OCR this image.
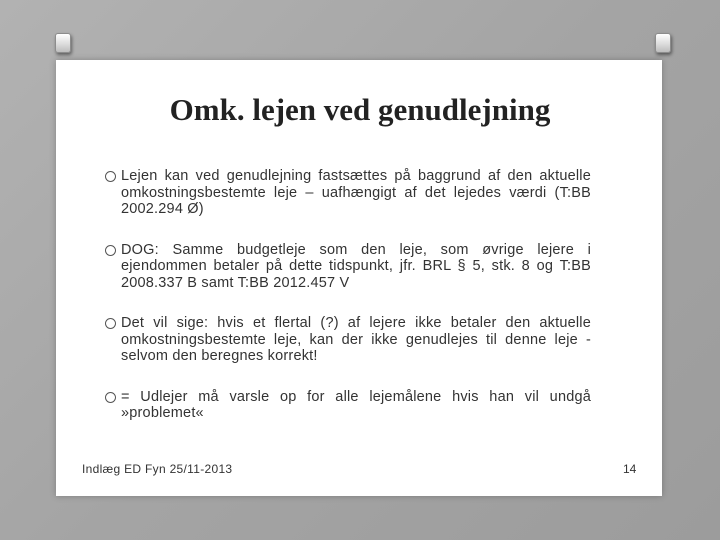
Omk. lejen ved genudlejning
Lejen kan ved genudlejning fastsættes på baggrund af den aktuelle omkostningsbestemte leje – uafhængigt af det lejedes værdi (T:BB 2002.294 Ø)
DOG: Samme budgetleje som den leje, som øvrige lejere i ejendommen betaler på dette tidspunkt, jfr. BRL § 5, stk. 8 og T:BB 2008.337 B samt T:BB 2012.457 V
Det vil sige: hvis et flertal (?) af lejere ikke betaler den aktuelle omkostningsbestemte leje, kan der ikke genudlejes til denne leje - selvom den beregnes korrekt!
= Udlejer må varsle op for alle lejemålene hvis han vil undgå »problemet«
Indlæg ED Fyn 25/11-2013	14
